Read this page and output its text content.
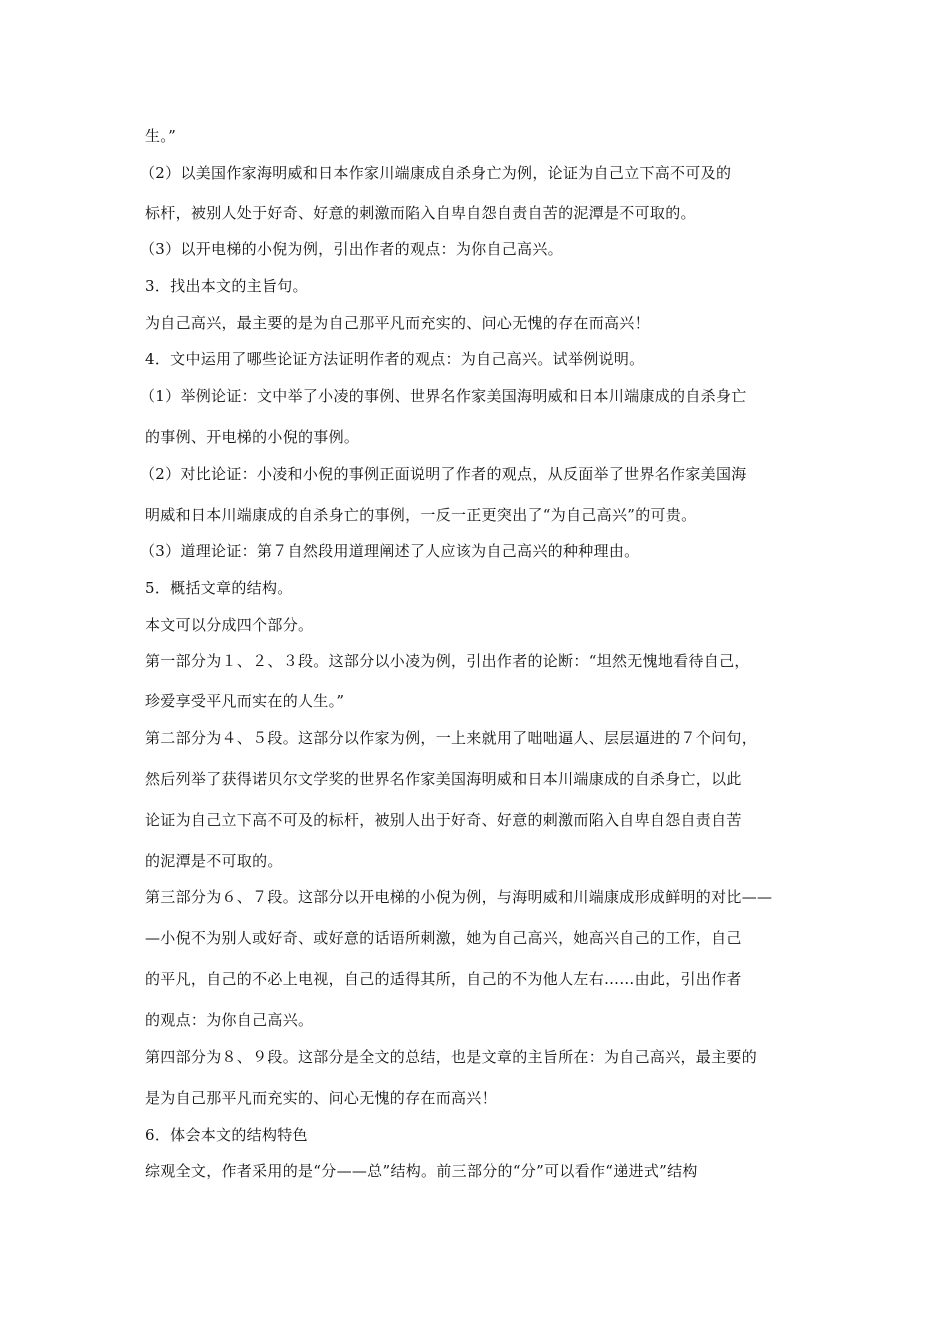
生。”
（2）以美国作家海明威和日本作家川端康成自杀身亡为例，论证为自己立下高不可及的
标杆，被别人处于好奇、好意的刺激而陷入自卑自怨自责自苦的泥潭是不可取的。
（3）以开电梯的小倪为例，引出作者的观点：为你自己高兴。
3．找出本文的主旨句。
为自己高兴，最主要的是为自己那平凡而充实的、问心无愧的存在而高兴！
4．文中运用了哪些论证方法证明作者的观点：为自己高兴。试举例说明。
（1）举例论证：文中举了小凌的事例、世界名作家美国海明威和日本川端康成的自杀身亡
的事例、开电梯的小倪的事例。
（2）对比论证：小凌和小倪的事例正面说明了作者的观点，从反面举了世界名作家美国海
明威和日本川端康成的自杀身亡的事例，一反一正更突出了“为自己高兴”的可贵。
（3）道理论证：第７自然段用道理阐述了人应该为自己高兴的种种理由。
5．概括文章的结构。
本文可以分成四个部分。
第一部分为１、２、３段。这部分以小凌为例，引出作者的论断：“坦然无愧地看待自己，
珍爱享受平凡而实在的人生。”
第二部分为４、５段。这部分以作家为例，一上来就用了咄咄逼人、层层逼进的７个问句，
然后列举了获得诺贝尔文学奖的世界名作家美国海明威和日本川端康成的自杀身亡，以此
论证为自己立下高不可及的标杆，被别人出于好奇、好意的刺激而陷入自卑自怨自责自苦
的泥潭是不可取的。
第三部分为６、７段。这部分以开电梯的小倪为例，与海明威和川端康成形成鲜明的对比——
—小倪不为别人或好奇、或好意的话语所刺激，她为自己高兴，她高兴自己的工作，自己
的平凡，自己的不必上电视，自己的适得其所，自己的不为他人左右……由此，引出作者
的观点：为你自己高兴。
第四部分为８、９段。这部分是全文的总结，也是文章的主旨所在：为自己高兴，最主要的
是为自己那平凡而充实的、问心无愧的存在而高兴！
6．体会本文的结构特色
综观全文，作者采用的是“分——总”结构。前三部分的“分”可以看作“递进式”结构
